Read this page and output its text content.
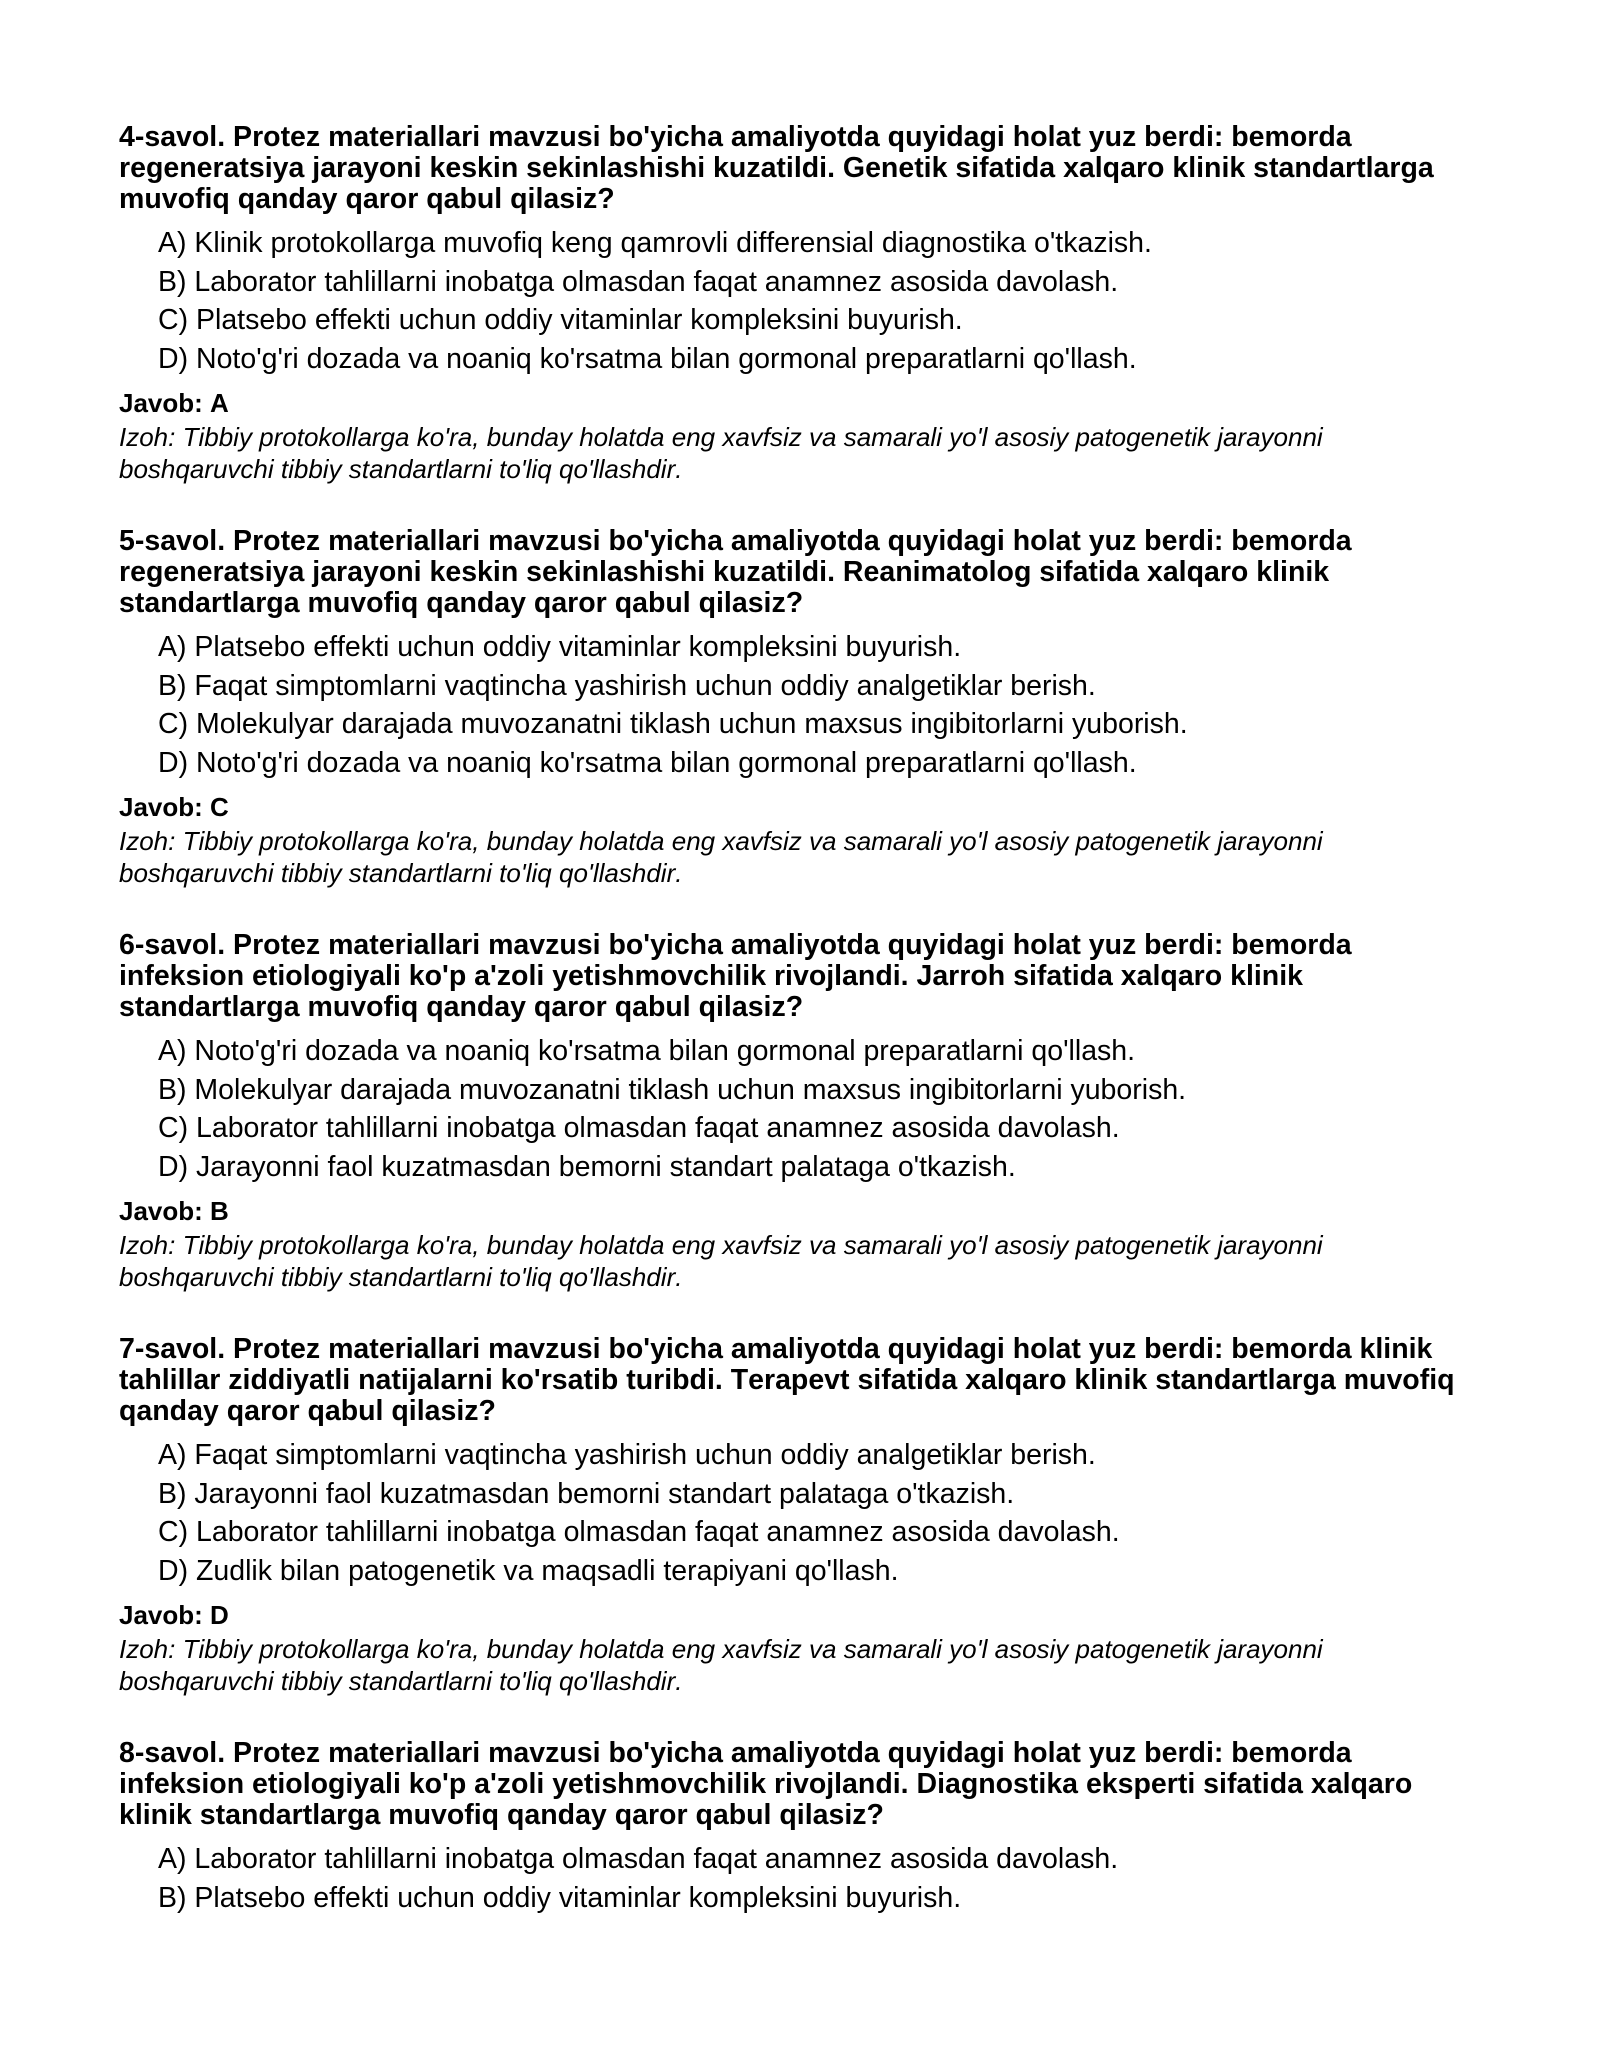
4-savol. Protez materiallari mavzusi bo'yicha amaliyotda quyidagi holat yuz berdi: bemorda
regeneratsiya jarayoni keskin sekinlashishi kuzatildi. Genetik sifatida xalqaro klinik standartlarga
muvofiq qanday qaror qabul qilasiz?
A) Klinik protokollarga muvofiq keng qamrovli differensial diagnostika o'tkazish.
B) Laborator tahlillarni inobatga olmasdan faqat anamnez asosida davolash.
C) Platsebo effekti uchun oddiy vitaminlar kompleksini buyurish.
D) Noto'g'ri dozada va noaniq ko'rsatma bilan gormonal preparatlarni qo'llash.
Javob: A
Izoh: Tibbiy protokollarga ko'ra, bunday holatda eng xavfsiz va samarali yo'l asosiy patogenetik jarayonni
boshqaruvchi tibbiy standartlarni to'liq qo'llashdir.
5-savol. Protez materiallari mavzusi bo'yicha amaliyotda quyidagi holat yuz berdi: bemorda
regeneratsiya jarayoni keskin sekinlashishi kuzatildi. Reanimatolog sifatida xalqaro klinik
standartlarga muvofiq qanday qaror qabul qilasiz?
A) Platsebo effekti uchun oddiy vitaminlar kompleksini buyurish.
B) Faqat simptomlarni vaqtincha yashirish uchun oddiy analgetiklar berish.
C) Molekulyar darajada muvozanatni tiklash uchun maxsus ingibitorlarni yuborish.
D) Noto'g'ri dozada va noaniq ko'rsatma bilan gormonal preparatlarni qo'llash.
Javob: C
Izoh: Tibbiy protokollarga ko'ra, bunday holatda eng xavfsiz va samarali yo'l asosiy patogenetik jarayonni
boshqaruvchi tibbiy standartlarni to'liq qo'llashdir.
6-savol. Protez materiallari mavzusi bo'yicha amaliyotda quyidagi holat yuz berdi: bemorda
infeksion etiologiyali ko'p a'zoli yetishmovchilik rivojlandi. Jarroh sifatida xalqaro klinik
standartlarga muvofiq qanday qaror qabul qilasiz?
A) Noto'g'ri dozada va noaniq ko'rsatma bilan gormonal preparatlarni qo'llash.
B) Molekulyar darajada muvozanatni tiklash uchun maxsus ingibitorlarni yuborish.
C) Laborator tahlillarni inobatga olmasdan faqat anamnez asosida davolash.
D) Jarayonni faol kuzatmasdan bemorni standart palataga o'tkazish.
Javob: B
Izoh: Tibbiy protokollarga ko'ra, bunday holatda eng xavfsiz va samarali yo'l asosiy patogenetik jarayonni
boshqaruvchi tibbiy standartlarni to'liq qo'llashdir.
7-savol. Protez materiallari mavzusi bo'yicha amaliyotda quyidagi holat yuz berdi: bemorda klinik
tahlillar ziddiyatli natijalarni ko'rsatib turibdi. Terapevt sifatida xalqaro klinik standartlarga muvofiq
qanday qaror qabul qilasiz?
A) Faqat simptomlarni vaqtincha yashirish uchun oddiy analgetiklar berish.
B) Jarayonni faol kuzatmasdan bemorni standart palataga o'tkazish.
C) Laborator tahlillarni inobatga olmasdan faqat anamnez asosida davolash.
D) Zudlik bilan patogenetik va maqsadli terapiyani qo'llash.
Javob: D
Izoh: Tibbiy protokollarga ko'ra, bunday holatda eng xavfsiz va samarali yo'l asosiy patogenetik jarayonni
boshqaruvchi tibbiy standartlarni to'liq qo'llashdir.
8-savol. Protez materiallari mavzusi bo'yicha amaliyotda quyidagi holat yuz berdi: bemorda
infeksion etiologiyali ko'p a'zoli yetishmovchilik rivojlandi. Diagnostika eksperti sifatida xalqaro
klinik standartlarga muvofiq qanday qaror qabul qilasiz?
A) Laborator tahlillarni inobatga olmasdan faqat anamnez asosida davolash.
B) Platsebo effekti uchun oddiy vitaminlar kompleksini buyurish.
